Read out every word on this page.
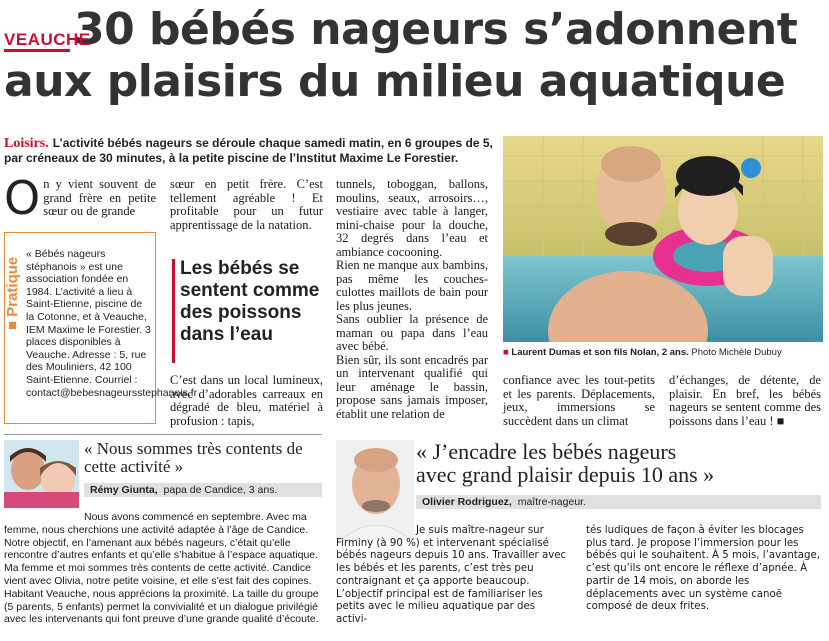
30 bébés nageurs s’adonnent
aux plaisirs du milieu aquatique
VEAUCHE
Loisirs. L’activité bébés nageurs se déroule chaque samedi matin, en 6 groupes de 5, par créneaux de 30 minutes, à la petite piscine de l’Institut Maxime Le Forestier.
O n y vient souvent de grand frère en petite sœur ou de grande
■ Pratique
« Bébés nageurs stéphanois » est une association fondée en 1984. L’activité a lieu à Saint-Etienne, piscine de la Cotonne, et à Veauche, IEM Maxime le Forestier. 3 places disponibles à Veauche. Adresse : 5, rue des Mouliniers, 42 100 Saint-Etienne. Courriel : contact@bebesnageursstephanois.fr
sœur en petit frère. C’est tellement agréable ! Et profitable pour un futur apprentissage de la natation.
Les bébés se sentent comme des poissons dans l’eau
C’est dans un local lumineux, avec d’adorables carreaux en dégradé de bleu, matériel à profusion : tapis,
tunnels, toboggan, ballons, moulins, seaux, arrosoirs…, vestiaire avec table à langer, mini-chaise pour la douche, 32 degrés dans l’eau et ambiance cocooning.
Rien ne manque aux bambins, pas même les couches-culottes maillots de bain pour les plus jeunes.
Sans oublier la présence de maman ou papa dans l’eau avec bébé.
Bien sûr, ils sont encadrés par un intervenant qualifié qui leur aménage le bassin, propose sans jamais imposer, établit une relation de
■ Laurent Dumas et son fils Nolan, 2 ans. Photo Michèle Dubuy
confiance avec les tout-petits et les parents. Déplacements, jeux, immersions se succèdent dans un climat
d’échanges, de détente, de plaisir. En bref, les bébés nageurs se sentent comme des poissons dans l’eau ! ■
« Nous sommes très contents de cette activité »
Rémy Giunta, papa de Candice, 3 ans.
Nous avons commencé en septembre. Avec ma femme, nous cherchions une activité adaptée à l’âge de Candice. Notre objectif, en l’amenant aux bébés nageurs, c’était qu’elle rencontre d’autres enfants et qu’elle s’habitue à l’espace aquatique. Ma femme et moi sommes très contents de cette activité. Candice vient avec Olivia, notre petite voisine, et elle s’est fait des copines. Habitant Veauche, nous apprécions la proximité. La taille du groupe (5 parents, 5 enfants) permet la convivialité et un dialogue privilégié avec les intervenants qui font preuve d’une grande qualité d’écoute.
« J’encadre les bébés nageurs
avec grand plaisir depuis 10 ans »
Olivier Rodriguez, maître-nageur.
Je suis maître-nageur sur Firminy (à 90 %) et intervenant spécialisé bébés nageurs depuis 10 ans. Travailler avec les bébés et les parents, c’est très peu contraignant et ça apporte beaucoup. L’objectif principal est de familiariser les petits avec le milieu aquatique par des activi-
tés ludiques de façon à éviter les blocages plus tard. Je propose l’immersion pour les bébés qui le souhaitent. À 5 mois, l’avantage, c’est qu’ils ont encore le réflexe d’apnée. À partir de 14 mois, on aborde les déplacements avec un système canoë composé de deux frites.
